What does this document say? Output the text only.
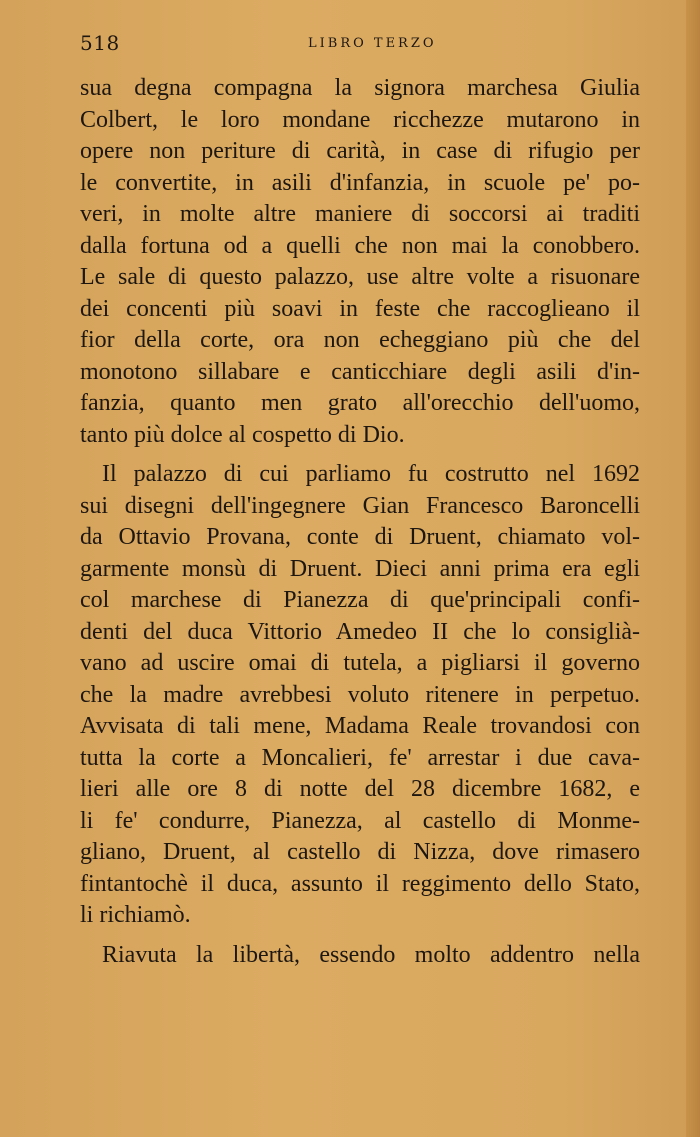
518	LIBRO TERZO
sua degna compagna la signora marchesa Giulia
Colbert, le loro mondane ricchezze mutarono in
opere non periture di carità, in case di rifugio per
le convertite, in asili d'infanzia, in scuole pe' po-
veri, in molte altre maniere di soccorsi ai traditi
dalla fortuna od a quelli che non mai la conobbero.
Le sale di questo palazzo, use altre volte a risuonare
dei concenti più soavi in feste che raccoglieano il
fior della corte, ora non echeggiano più che del
monotono sillabare e canticchiare degli asili d'in-
fanzia, quanto men grato all'orecchio dell'uomo,
tanto più dolce al cospetto di Dio.
Il palazzo di cui parliamo fu costrutto nel 1692
sui disegni dell'ingegnere Gian Francesco Baroncelli
da Ottavio Provana, conte di Druent, chiamato vol-
garmente monsù di Druent. Dieci anni prima era egli
col marchese di Pianezza di que'principali confi-
denti del duca Vittorio Amedeo II che lo consiglià-
vano ad uscire omai di tutela, a pigliarsi il governo
che la madre avrebbesi voluto ritenere in perpetuo.
Avvisata di tali mene, Madama Reale trovandosi con
tutta la corte a Moncalieri, fe' arrestar i due cava-
lieri alle ore 8 di notte del 28 dicembre 1682, e
li fe' condurre, Pianezza, al castello di Monme-
gliano, Druent, al castello di Nizza, dove rimasero
fintantochè il duca, assunto il reggimento dello Stato,
li richiamò.
Riavuta la libertà, essendo molto addentro nella
